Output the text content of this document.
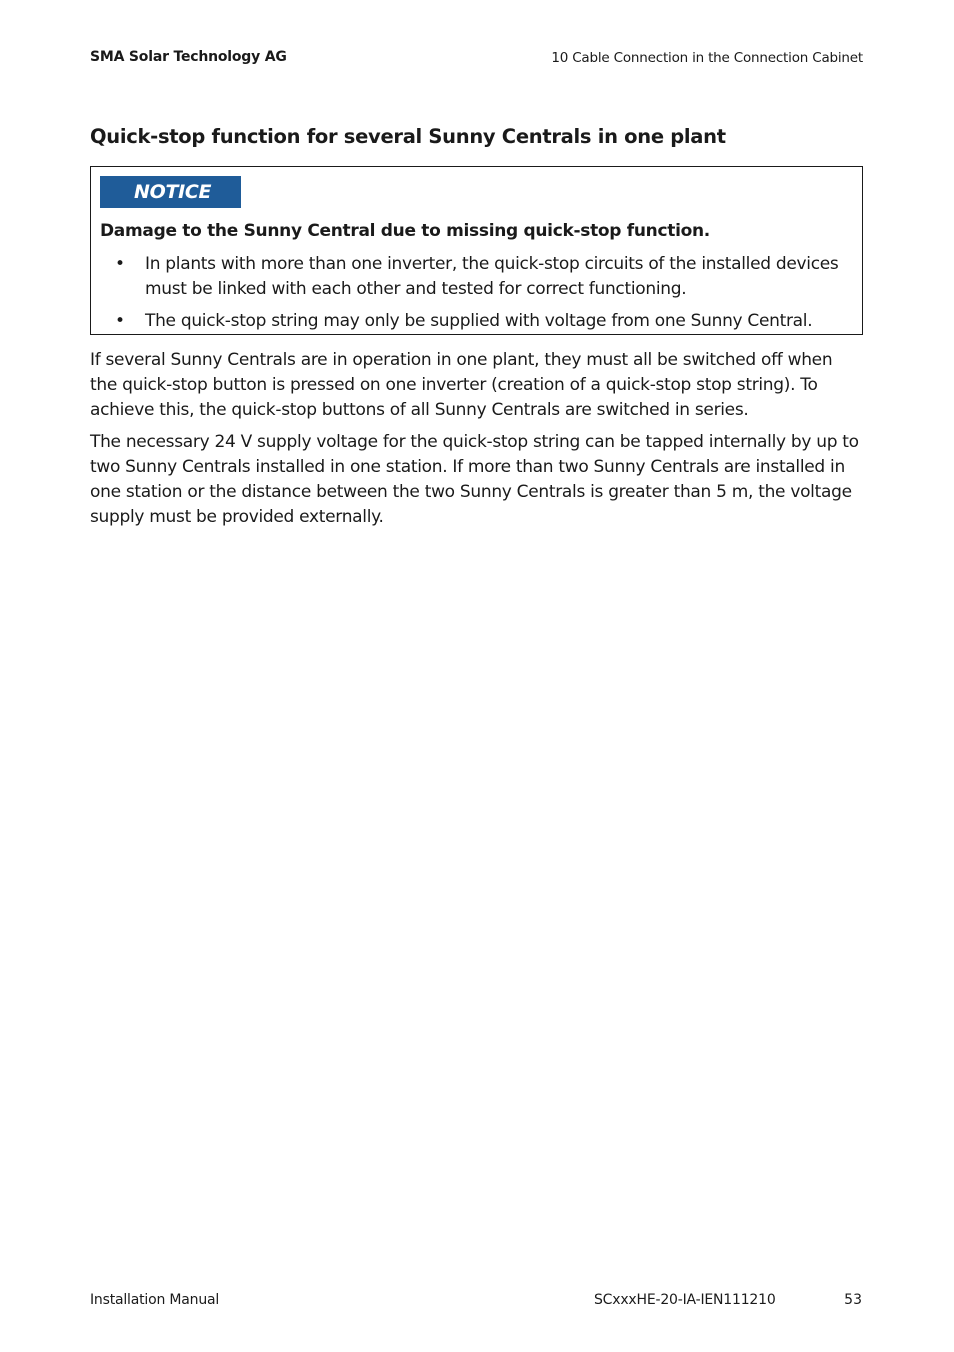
SMA Solar Technology AG	10 Cable Connection in the Connection Cabinet
Quick-stop function for several Sunny Centrals in one plant
NOTICE

Damage to the Sunny Central due to missing quick-stop function.

• In plants with more than one inverter, the quick-stop circuits of the installed devices must be linked with each other and tested for correct functioning.
• The quick-stop string may only be supplied with voltage from one Sunny Central.

If several Sunny Centrals are in operation in one plant, they must all be switched off when the quick-stop button is pressed on one inverter (creation of a quick-stop stop string). To achieve this, the quick-stop buttons of all Sunny Centrals are switched in series.

The necessary 24 V supply voltage for the quick-stop string can be tapped internally by up to two Sunny Centrals installed in one station. If more than two Sunny Centrals are installed in one station or the distance between the two Sunny Centrals is greater than 5 m, the voltage supply must be provided externally.

Installation Manual	SCxxxHE-20-IA-IEN111210	53
